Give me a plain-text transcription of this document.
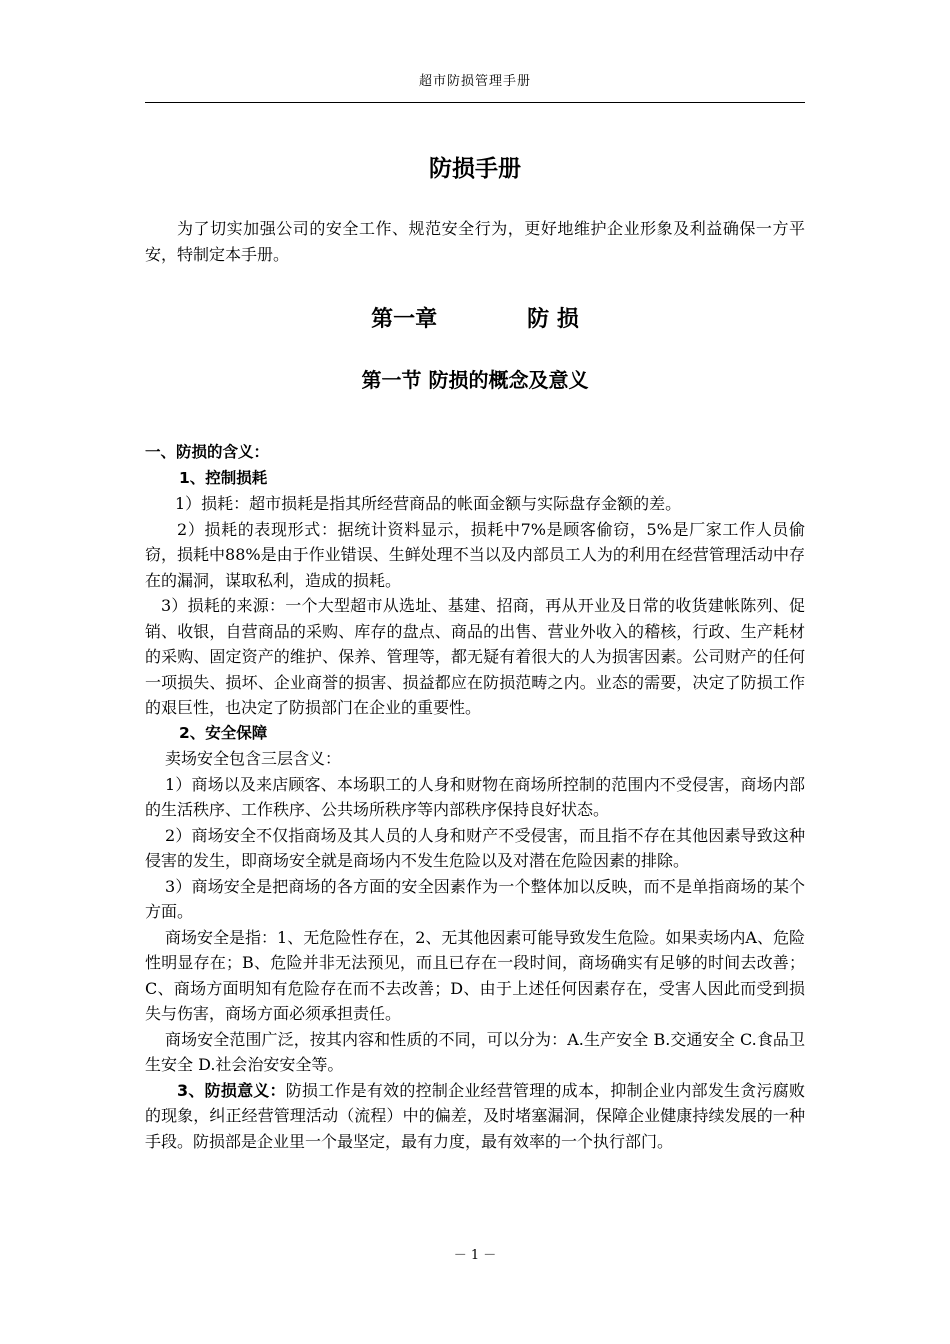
超市防损管理手册
防损手册
为了切实加强公司的安全工作、规范安全行为，更好地维护企业形象及利益确保一方平安，特制定本手册。
第一章	防 损
第一节 防损的概念及意义

一、防损的含义：

1、控制损耗

1）损耗：超市损耗是指其所经营商品的帐面金额与实际盘存金额的差。

2）损耗的表现形式：据统计资料显示，损耗中7%是顾客偷窃，5%是厂家工作人员偷窃，损耗中88%是由于作业错误、生鲜处理不当以及内部员工人为的利用在经营管理活动中存在的漏洞，谋取私利，造成的损耗。

3）损耗的来源：一个大型超市从选址、基建、招商，再从开业及日常的收货建帐陈列、促销、收银，自营商品的采购、库存的盘点、商品的出售、营业外收入的稽核，行政、生产耗材的采购、固定资产的维护、保养、管理等，都无疑有着很大的人为损害因素。公司财产的任何一项损失、损坏、企业商誉的损害、损益都应在防损范畴之内。业态的需要，决定了防损工作的艰巨性，也决定了防损部门在企业的重要性。

2、安全保障

卖场安全包含三层含义：

1）商场以及来店顾客、本场职工的人身和财物在商场所控制的范围内不受侵害，商场内部的生活秩序、工作秩序、公共场所秩序等内部秩序保持良好状态。

2）商场安全不仅指商场及其人员的人身和财产不受侵害，而且指不存在其他因素导致这种侵害的发生，即商场安全就是商场内不发生危险以及对潜在危险因素的排除。

3）商场安全是把商场的各方面的安全因素作为一个整体加以反映，而不是单指商场的某个方面。

商场安全是指：1、无危险性存在，2、无其他因素可能导致发生危险。如果卖场内A、危险性明显存在；B、危险并非无法预见，而且已存在一段时间，商场确实有足够的时间去改善；C、商场方面明知有危险存在而不去改善；D、由于上述任何因素存在，受害人因此而受到损失与伤害，商场方面必须承担责任。

商场安全范围广泛，按其内容和性质的不同，可以分为：A.生产安全 B.交通安全 C.食品卫生安全 D.社会治安安全等。

3、防损意义：防损工作是有效的控制企业经营管理的成本，抑制企业内部发生贪污腐败的现象，纠正经营管理活动（流程）中的偏差，及时堵塞漏洞，保障企业健康持续发展的一种手段。防损部是企业里一个最坚定，最有力度，最有效率的一个执行部门。

－ 1 －
